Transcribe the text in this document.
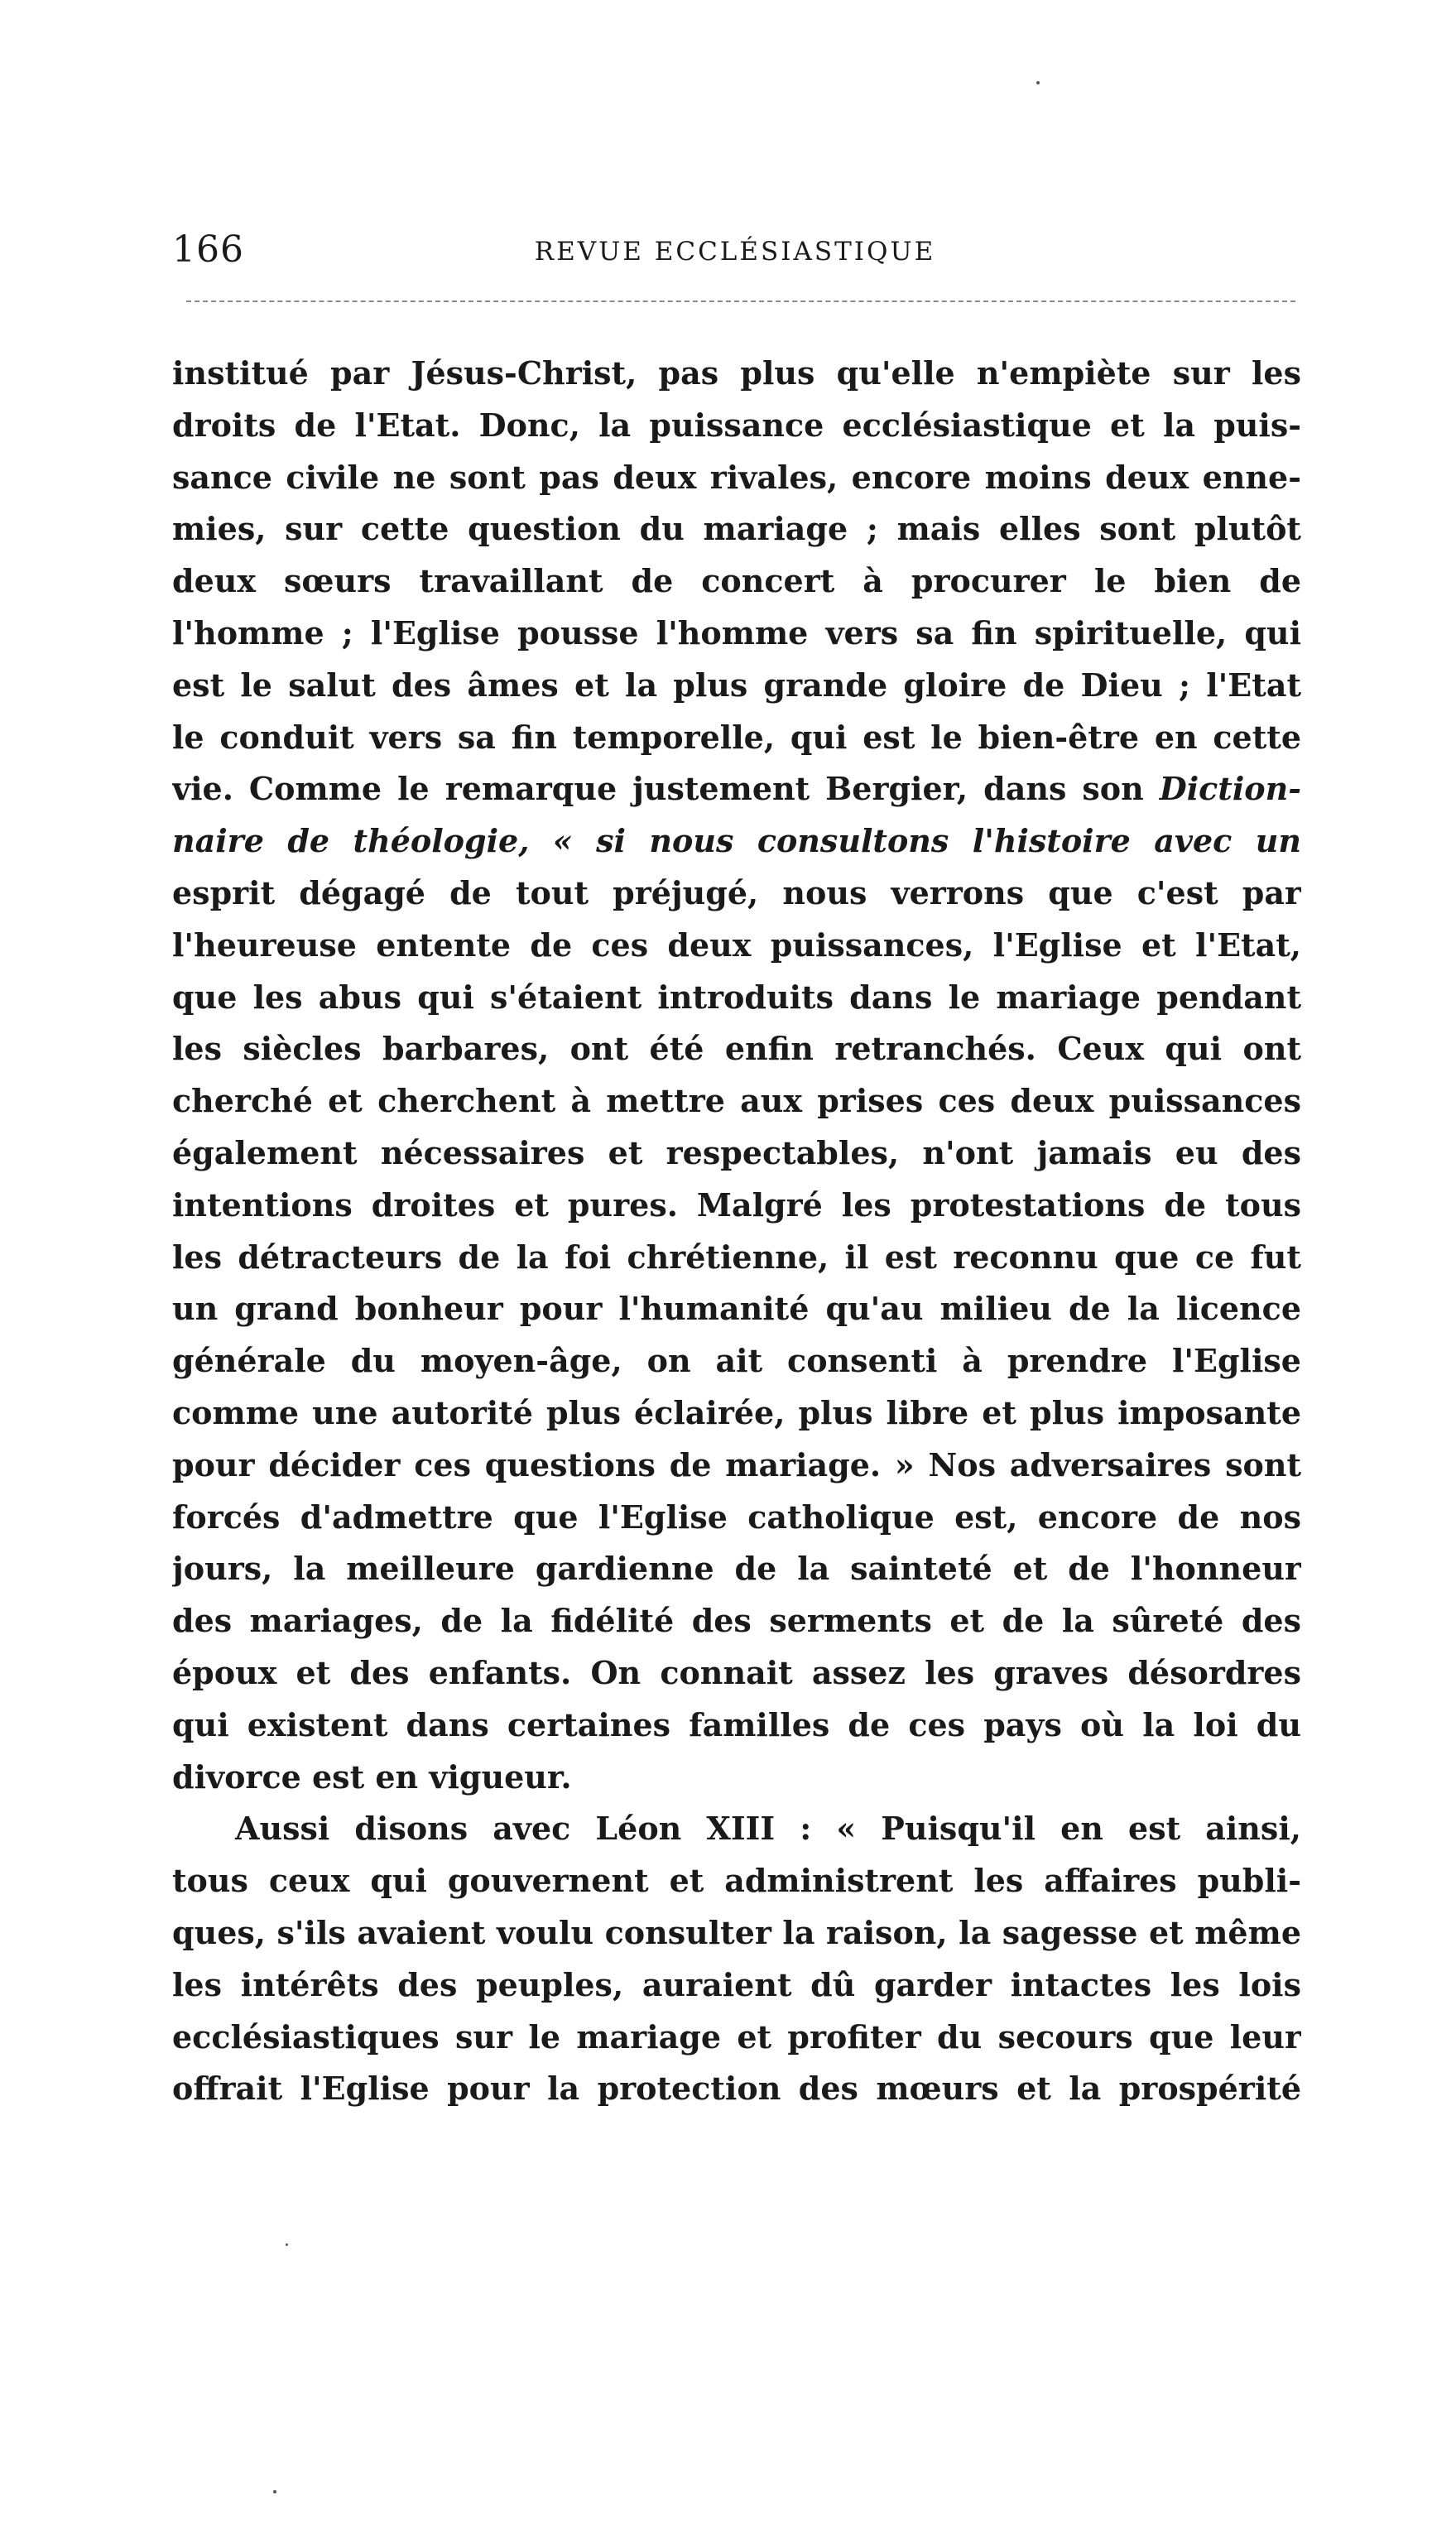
166	REVUE ECCLÉSIASTIQUE
institué par Jésus-Christ, pas plus qu'elle n'empiète sur les
droits de l'Etat. Donc, la puissance ecclésiastique et la puis-
sance civile ne sont pas deux rivales, encore moins deux enne-
mies, sur cette question du mariage ; mais elles sont plutôt
deux sœurs travaillant de concert à procurer le bien de
l'homme ; l'Eglise pousse l'homme vers sa fin spirituelle, qui
est le salut des âmes et la plus grande gloire de Dieu ; l'Etat
le conduit vers sa fin temporelle, qui est le bien-être en cette
vie. Comme le remarque justement Bergier, dans son Diction-
naire de théologie, « si nous consultons l'histoire avec un
esprit dégagé de tout préjugé, nous verrons que c'est par
l'heureuse entente de ces deux puissances, l'Eglise et l'Etat,
que les abus qui s'étaient introduits dans le mariage pendant
les siècles barbares, ont été enfin retranchés. Ceux qui ont
cherché et cherchent à mettre aux prises ces deux puissances
également nécessaires et respectables, n'ont jamais eu des
intentions droites et pures. Malgré les protestations de tous
les détracteurs de la foi chrétienne, il est reconnu que ce fut
un grand bonheur pour l'humanité qu'au milieu de la licence
générale du moyen-âge, on ait consenti à prendre l'Eglise
comme une autorité plus éclairée, plus libre et plus imposante
pour décider ces questions de mariage. » Nos adversaires sont
forcés d'admettre que l'Eglise catholique est, encore de nos
jours, la meilleure gardienne de la sainteté et de l'honneur
des mariages, de la fidélité des serments et de la sûreté des
époux et des enfants. On connait assez les graves désordres
qui existent dans certaines familles de ces pays où la loi du
divorce est en vigueur.
Aussi disons avec Léon XIII : « Puisqu'il en est ainsi,
tous ceux qui gouvernent et administrent les affaires publi-
ques, s'ils avaient voulu consulter la raison, la sagesse et même
les intérêts des peuples, auraient dû garder intactes les lois
ecclésiastiques sur le mariage et profiter du secours que leur
offrait l'Eglise pour la protection des mœurs et la prospérité
